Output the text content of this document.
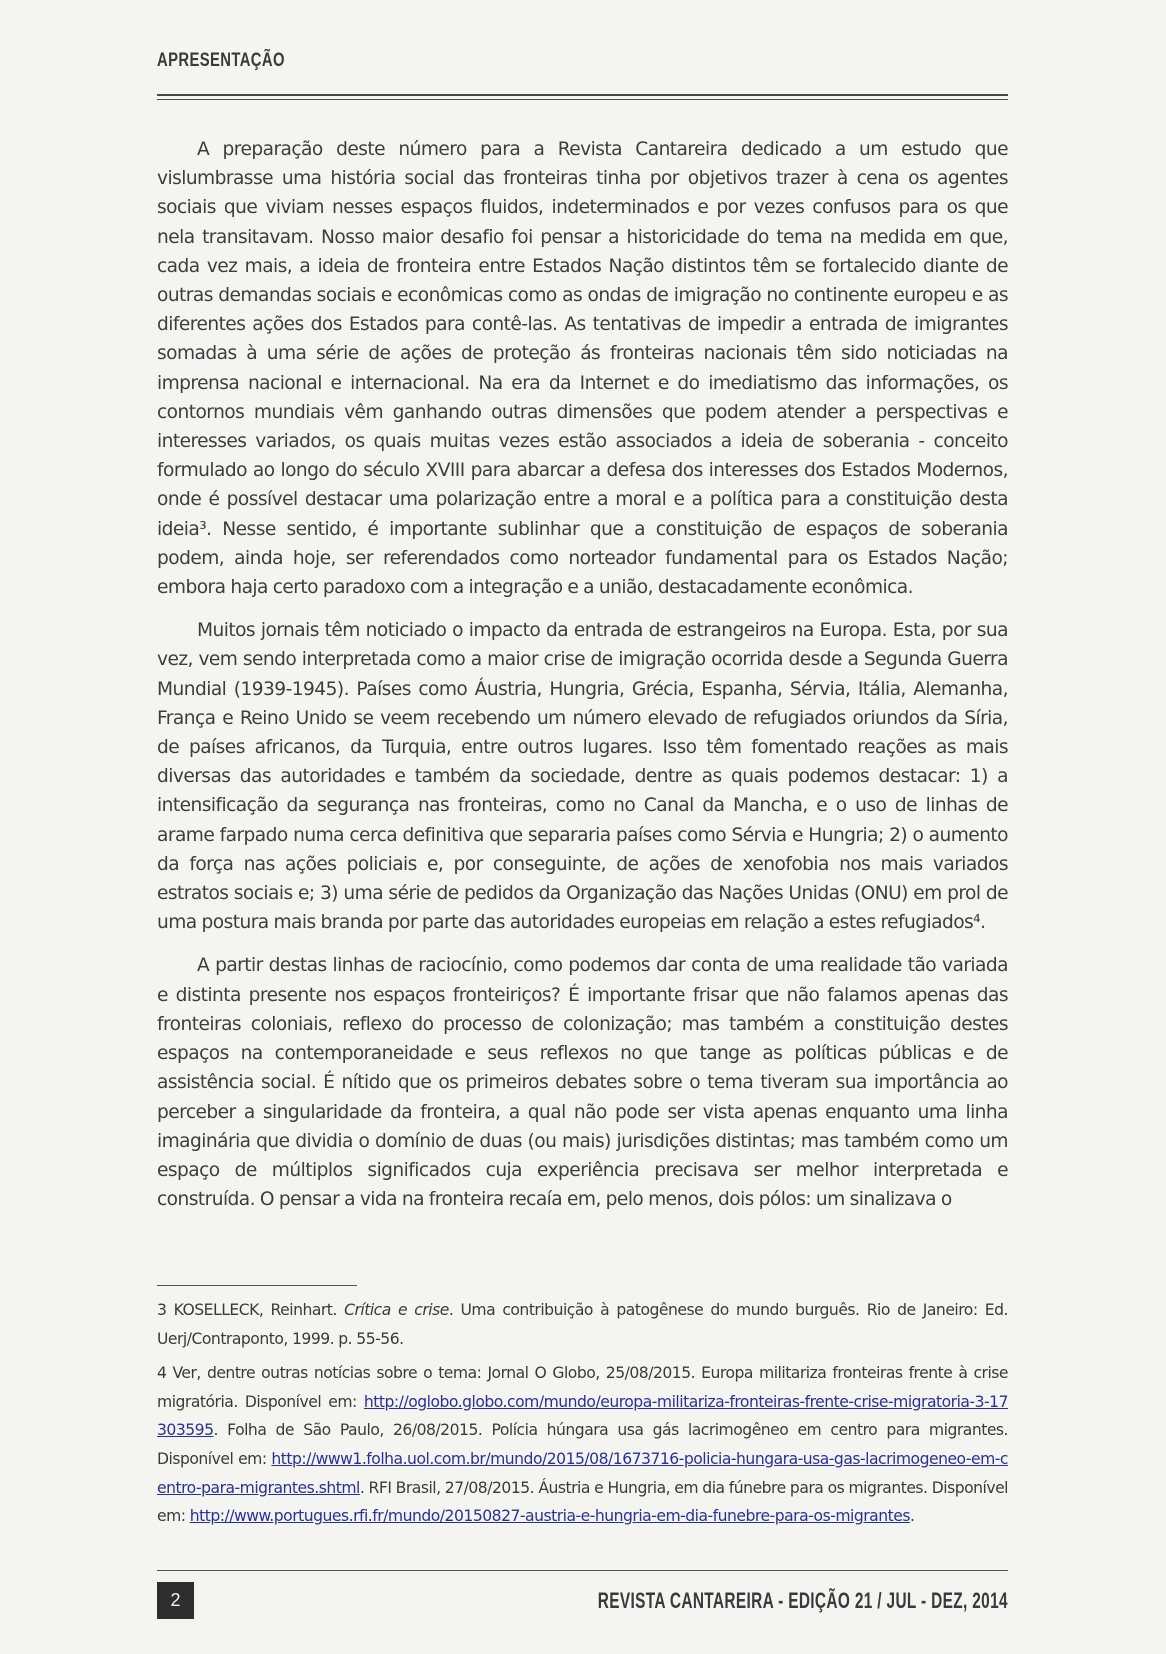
APRESENTAÇÃO

A preparação deste número para a Revista Cantareira dedicado a um estudo que vislumbrasse uma história social das fronteiras tinha por objetivos trazer à cena os agentes sociais que viviam nesses espaços fluidos, indeterminados e por vezes confusos para os que nela transitavam. Nosso maior desafio foi pensar a historicidade do tema na medida em que, cada vez mais, a ideia de fronteira entre Estados Nação distintos têm se fortalecido diante de outras demandas sociais e econômicas como as ondas de imigração no continente europeu e as diferentes ações dos Estados para contê-las. As tentativas de impedir a entrada de imigrantes somadas à uma série de ações de proteção ás fronteiras nacionais têm sido noticiadas na imprensa nacional e internacional. Na era da Internet e do imediatismo das informações, os contornos mundiais vêm ganhando outras dimensões que podem atender a perspectivas e interesses variados, os quais muitas vezes estão associados a ideia de soberania - conceito formulado ao longo do século XVIII para abarcar a defesa dos interesses dos Estados Modernos, onde é possível destacar uma polarização entre a moral e a política para a constituição desta ideia³. Nesse sentido, é importante sublinhar que a constituição de espaços de soberania podem, ainda hoje, ser referendados como norteador fundamental para os Estados Nação; embora haja certo paradoxo com a integração e a união, destacadamente econômica.

Muitos jornais têm noticiado o impacto da entrada de estrangeiros na Europa. Esta, por sua vez, vem sendo interpretada como a maior crise de imigração ocorrida desde a Segunda Guerra Mundial (1939-1945). Países como Áustria, Hungria, Grécia, Espanha, Sérvia, Itália, Alemanha, França e Reino Unido se veem recebendo um número elevado de refugiados oriundos da Síria, de países africanos, da Turquia, entre outros lugares. Isso têm fomentado reações as mais diversas das autoridades e também da sociedade, dentre as quais podemos destacar: 1) a intensificação da segurança nas fronteiras, como no Canal da Mancha, e o uso de linhas de arame farpado numa cerca definitiva que separaria países como Sérvia e Hungria; 2) o aumento da força nas ações policiais e, por conseguinte, de ações de xenofobia nos mais variados estratos sociais e; 3) uma série de pedidos da Organização das Nações Unidas (ONU) em prol de uma postura mais branda por parte das autoridades europeias em relação a estes refugiados⁴.

A partir destas linhas de raciocínio, como podemos dar conta de uma realidade tão variada e distinta presente nos espaços fronteiriços? É importante frisar que não falamos apenas das fronteiras coloniais, reflexo do processo de colonização; mas também a constituição destes espaços na contemporaneidade e seus reflexos no que tange as políticas públicas e de assistência social. É nítido que os primeiros debates sobre o tema tiveram sua importância ao perceber a singularidade da fronteira, a qual não pode ser vista apenas enquanto uma linha imaginária que dividia o domínio de duas (ou mais) jurisdições distintas; mas também como um espaço de múltiplos significados cuja experiência precisava ser melhor interpretada e construída. O pensar a vida na fronteira recaía em, pelo menos, dois pólos: um sinalizava o

3 KOSELLECK, Reinhart. Crítica e crise. Uma contribuição à patogênese do mundo burguês. Rio de Janeiro: Ed. Uerj/Contraponto, 1999. p. 55-56.

4 Ver, dentre outras notícias sobre o tema: Jornal O Globo, 25/08/2015. Europa militariza fronteiras frente à crise migratória. Disponível em: http://oglobo.globo.com/mundo/europa-militariza-fronteiras-frente-crise-migratoria-3-17303595. Folha de São Paulo, 26/08/2015. Polícia húngara usa gás lacrimogêneo em centro para migrantes. Disponível em: http://www1.folha.uol.com.br/mundo/2015/08/1673716-policia-hungara-usa-gas-lacrimogeneo-em-centro-para-migrantes.shtml. RFI Brasil, 27/08/2015. Áustria e Hungria, em dia fúnebre para os migrantes. Disponível em: http://www.portugues.rfi.fr/mundo/20150827-austria-e-hungria-em-dia-funebre-para-os-migrantes.

2	REVISTA CANTAREIRA - EDIÇÃO 21 / JUL - DEZ, 2014
